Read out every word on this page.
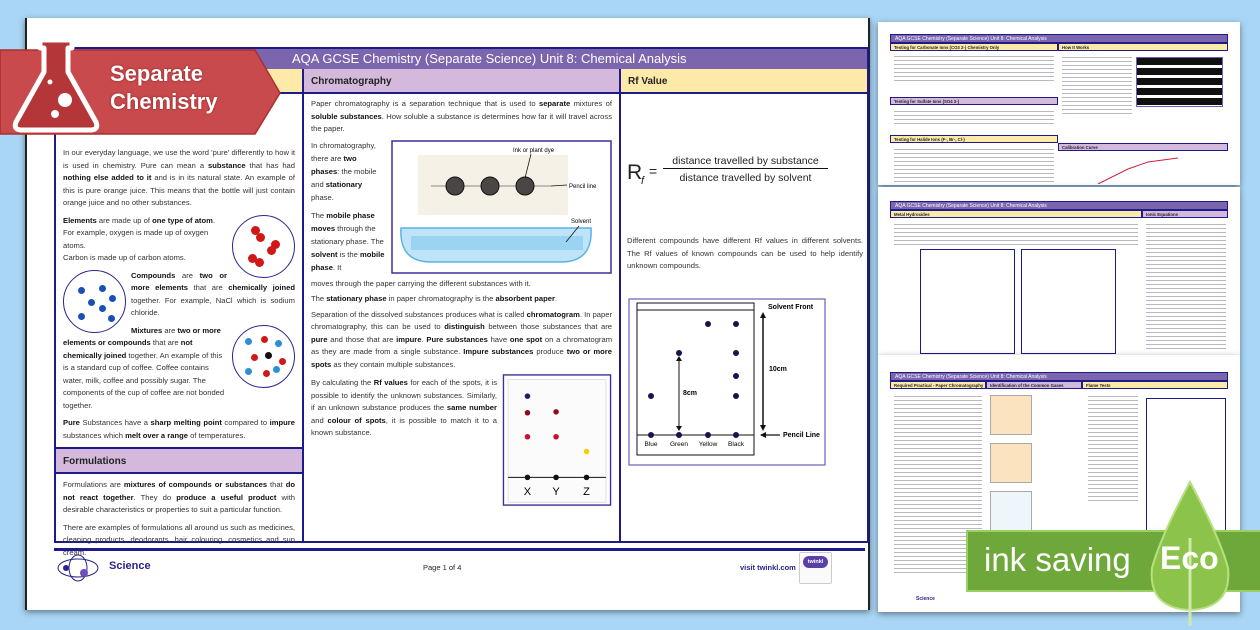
AQA GCSE Chemistry (Separate Science) Unit 8: Chemical Analysis
In our everyday language, we use the word 'pure' differently to how it is used in chemistry. Pure can mean a substance that has had nothing else added to it and is in its natural state. An example of this is pure orange juice. This means that the bottle will just contain orange juice and no other substances.
Elements are made up of one type of atom. For example, oxygen is made up of oxygen atoms.
Carbon is made up of carbon atoms.
Compounds are two or more elements that are chemically joined together. For example, NaCl which is sodium chloride.
Mixtures are two or more elements or compounds that are not chemically joined together. An example of this is a standard cup of coffee. Coffee contains water, milk, coffee and possibly sugar. The components of the cup of coffee are not bonded together.
Pure Substances have a sharp melting point compared to impure substances which melt over a range of temperatures.
Formulations
Formulations are mixtures of compounds or substances that do not react together. They do produce a useful product with desirable characteristics or properties to suit a particular function.
There are examples of formulations all around us such as medicines, cleaning products, deodorants, hair colouring, cosmetics and sun cream.
Chromatography
Paper chromatography is a separation technique that is used to separate mixtures of soluble substances. How soluble a substance is determines how far it will travel across the paper.
Ink or plant dye
Pencil line
Solvent
In chromatography, there are two phases: the mobile and stationary phase.
The mobile phase moves through the stationary phase. The solvent is the mobile phase. It
moves through the paper carrying the different substances with it.
The stationary phase in paper chromatography is the absorbent paper.
Separation of the dissolved substances produces what is called chromatogram. In paper chromatography, this can be used to distinguish between those substances that are pure and those that are impure. Pure substances have one spot on a chromatogram as they are made from a single substance. Impure substances produce two or more spots as they contain multiple substances.
X Y Z
By calculating the Rf values for each of the spots, it is possible to identify the unknown substances. Similarly, if an unknown substance produces the same number and colour of spots, it is possible to match it to a known substance.
Rf Value
R
f
=
distance travelled by substance
distance travelled by solvent
Different compounds have different Rf values in different solvents. The Rf values of known compounds can be used to help identify unknown compounds.
Solvent Front
Pencil Line
10cm
8cm
Blue Green Yellow Black
Science	Page 1 of 4	visit twinkl.com
twinkl
AQA GCSE Chemistry (Separate Science) Unit 8: Chemical Analysis
Testing for Carbonate Ions (CO3 2-) Chemistry Only
Testing for Sulfate Ions (SO4 2-)
Testing for Halide Ions (F-, Br-, Cl-)
How It Works
Calibration Curve
AQA GCSE Chemistry (Separate Science) Unit 8: Chemical Analysis
Metal Hydroxides	Ionic Equations
AQA GCSE Chemistry (Separate Science) Unit 8: Chemical Analysis
Required Practical - Paper Chromatography	Identification of the Common Gases	Flame Tests
Science
Separate
Chemistry
ink saving Eco
